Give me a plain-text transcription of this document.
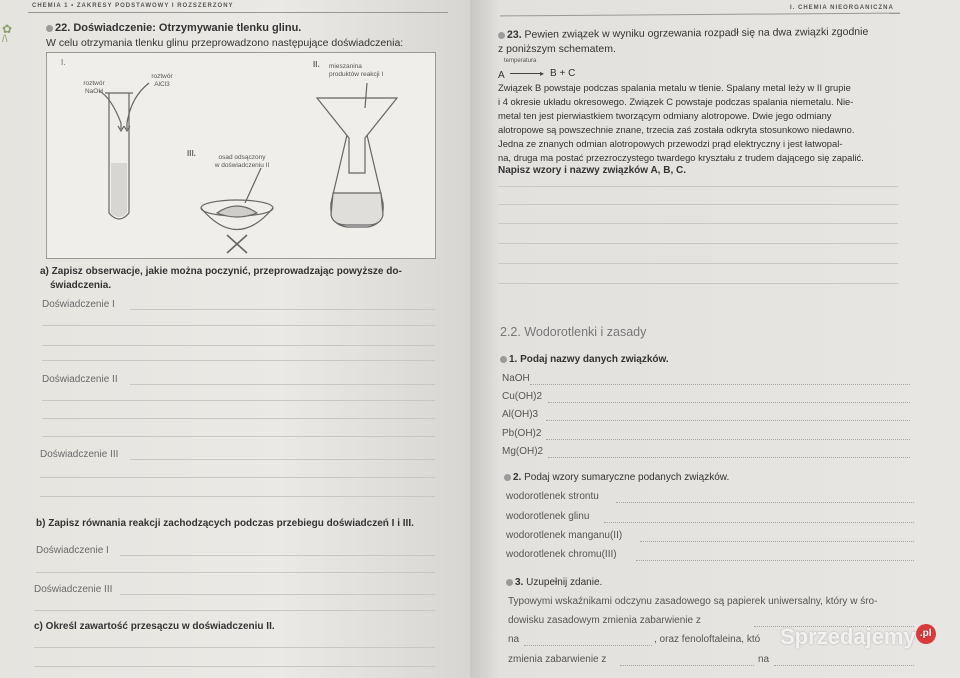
CHEMIA 1 • ZAKRESY PODSTAWOWY I ROZSZERZONY
✿
/\
22. Doświadczenie: Otrzymywanie tlenku glinu.
W celu otrzymania tlenku glinu przeprowadzono następujące doświadczenia:
I.	II.
III.
roztwór
NaOH
roztwór
AlCl3
mieszanina
produktów reakcji I
osad odsączony
w doświadczeniu II
a) Zapisz obserwacje, jakie można poczynić, przeprowadzając powyższe do-
świadczenia.
Doświadczenie I
Doświadczenie II
Doświadczenie III
b) Zapisz równania reakcji zachodzących podczas przebiegu doświadczeń I i III.
Doświadczenie I
Doświadczenie III
c) Określ zawartość przesączu w doświadczeniu II.
I. CHEMIA NIEORGANICZNA
23. Pewien związek w wyniku ogrzewania rozpadł się na dwa związki zgodnie
z poniższym schematem.
temperatura
A	▸ B + C
Związek B powstaje podczas spalania metalu w tlenie. Spalany metal leży w II grupie
i 4 okresie układu okresowego. Związek C powstaje podczas spalania niemetalu. Nie-
metal ten jest pierwiastkiem tworzącym odmiany alotropowe. Dwie jego odmiany
alotropowe są powszechnie znane, trzecia zaś została odkryta stosunkowo niedawno.
Jedna ze znanych odmian alotropowych przewodzi prąd elektryczny i jest łatwopal-
na, druga ma postać przezroczystego twardego kryształu z trudem dającego się zapalić.
Napisz wzory i nazwy związków A, B, C.
2.2. Wodorotlenki i zasady
1. Podaj nazwy danych związków.
NaOH
Cu(OH)2
Al(OH)3
Pb(OH)2
Mg(OH)2
2. Podaj wzory sumaryczne podanych związków.
wodorotlenek strontu
wodorotlenek glinu
wodorotlenek manganu(II)
wodorotlenek chromu(III)
3. Uzupełnij zdanie.
Typowymi wskaźnikami odczynu zasadowego są papierek uniwersalny, który w śro-
dowisku zasadowym zmienia zabarwienie z
na	, oraz fenoloftaleina, któ
zmienia zabarwienie z	na
Sprzedajemy .pl
